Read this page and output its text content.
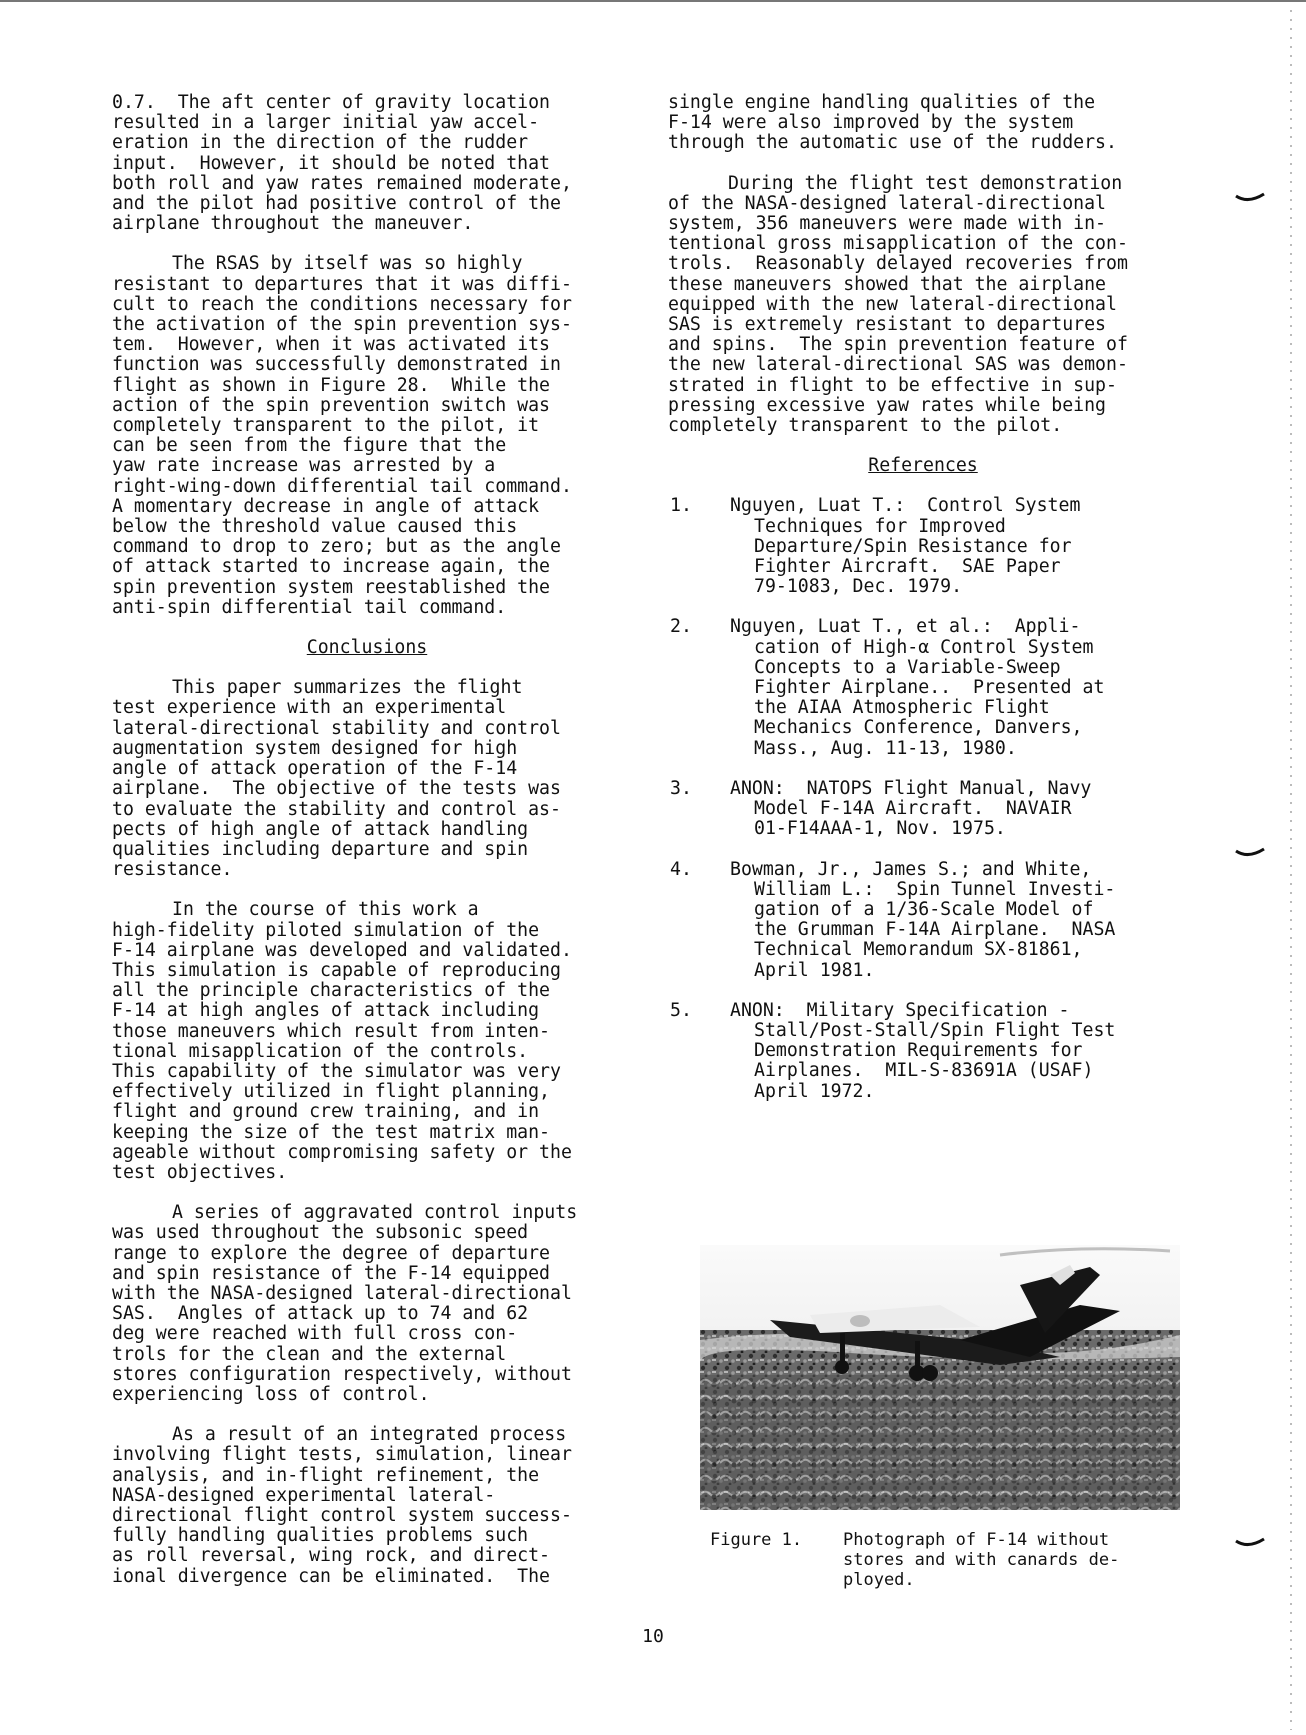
0.7.  The aft center of gravity location
resulted in a larger initial yaw accel-
eration in the direction of the rudder
input.  However, it should be noted that
both roll and yaw rates remained moderate,
and the pilot had positive control of the
airplane throughout the maneuver.

The RSAS by itself was so highly
resistant to departures that it was diffi-
cult to reach the conditions necessary for
the activation of the spin prevention sys-
tem.  However, when it was activated its
function was successfully demonstrated in
flight as shown in Figure 28.  While the
action of the spin prevention switch was
completely transparent to the pilot, it
can be seen from the figure that the
yaw rate increase was arrested by a
right-wing-down differential tail command.
A momentary decrease in angle of attack
below the threshold value caused this
command to drop to zero; but as the angle
of attack started to increase again, the
spin prevention system reestablished the
anti-spin differential tail command.

Conclusions

This paper summarizes the flight
test experience with an experimental
lateral-directional stability and control
augmentation system designed for high
angle of attack operation of the F-14
airplane.  The objective of the tests was
to evaluate the stability and control as-
pects of high angle of attack handling
qualities including departure and spin
resistance.

In the course of this work a
high-fidelity piloted simulation of the
F-14 airplane was developed and validated.
This simulation is capable of reproducing
all the principle characteristics of the
F-14 at high angles of attack including
those maneuvers which result from inten-
tional misapplication of the controls.
This capability of the simulator was very
effectively utilized in flight planning,
flight and ground crew training, and in
keeping the size of the test matrix man-
ageable without compromising safety or the
test objectives.

A series of aggravated control inputs
was used throughout the subsonic speed
range to explore the degree of departure
and spin resistance of the F-14 equipped
with the NASA-designed lateral-directional
SAS.  Angles of attack up to 74 and 62
deg were reached with full cross con-
trols for the clean and the external
stores configuration respectively, without
experiencing loss of control.

As a result of an integrated process
involving flight tests, simulation, linear
analysis, and in-flight refinement, the
NASA-designed experimental lateral-
directional flight control system success-
fully handling qualities problems such
as roll reversal, wing rock, and direct-
ional divergence can be eliminated.  The

single engine handling qualities of the
F-14 were also improved by the system
through the automatic use of the rudders.

During the flight test demonstration
of the NASA-designed lateral-directional
system, 356 maneuvers were made with in-
tentional gross misapplication of the con-
trols.  Reasonably delayed recoveries from
these maneuvers showed that the airplane
equipped with the new lateral-directional
SAS is extremely resistant to departures
and spins.  The spin prevention feature of
the new lateral-directional SAS was demon-
strated in flight to be effective in sup-
pressing excessive yaw rates while being
completely transparent to the pilot.

References
1. Nguyen, Luat T.:  Control System
Techniques for Improved
Departure/Spin Resistance for
Fighter Aircraft.  SAE Paper
79-1083, Dec. 1979.
2. Nguyen, Luat T., et al.:  Appli-
cation of High-α Control System
Concepts to a Variable-Sweep
Fighter Airplane..  Presented at
the AIAA Atmospheric Flight
Mechanics Conference, Danvers,
Mass., Aug. 11-13, 1980.
3. ANON:  NATOPS Flight Manual, Navy
Model F-14A Aircraft.  NAVAIR
01-F14AAA-1, Nov. 1975.
4. Bowman, Jr., James S.; and White,
William L.:  Spin Tunnel Investi-
gation of a 1/36-Scale Model of
the Grumman F-14A Airplane.  NASA
Technical Memorandum SX-81861,
April 1981.
5. ANON:  Military Specification -
Stall/Post-Stall/Spin Flight Test
Demonstration Requirements for
Airplanes.  MIL-S-83691A (USAF)
April 1972.
Figure 1.	Photograph of F-14 without
stores and with canards de-
ployed.
10
